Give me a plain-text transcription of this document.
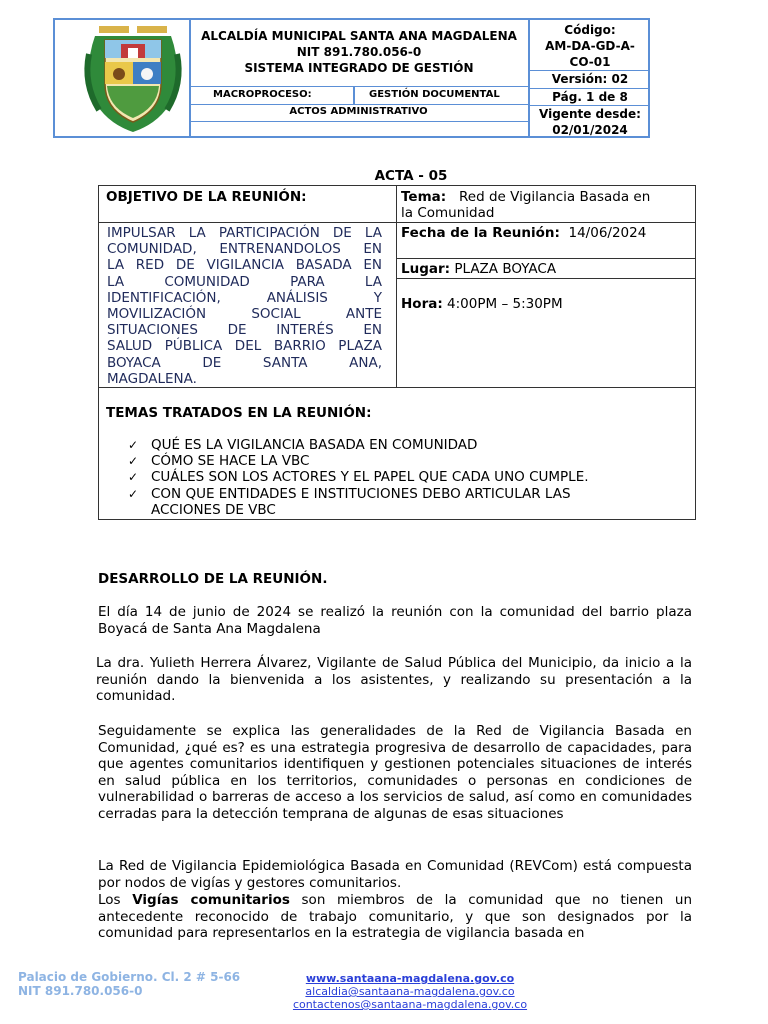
ALCALDÍA MUNICIPAL SANTA ANA MAGDALENA
NIT 891.780.056-0
SISTEMA INTEGRADO DE GESTIÓN
MACROPROCESO:	GESTIÓN DOCUMENTAL
ACTOS ADMINISTRATIVO
Código:
AM-DA-GD-A-
CO-01
Versión: 02
Pág. 1 de 8
Vigente desde:
02/01/2024
ACTA - 05
OBJETIVO DE LA REUNIÓN:	Tema: Red de Vigilancia Basada en
la Comunidad
IMPULSAR LA PARTICIPACIÓN DE LA
COMUNIDAD, ENTRENANDOLOS EN
LA RED DE VIGILANCIA BASADA EN
LA COMUNIDAD PARA LA
IDENTIFICACIÓN, ANÁLISIS Y
MOVILIZACIÓN SOCIAL ANTE
SITUACIONES DE INTERÉS EN
SALUD PÚBLICA DEL BARRIO PLAZA
BOYACA DE SANTA ANA,
MAGDALENA.
Fecha de la Reunión: 14/06/2024
Lugar: PLAZA BOYACA
Hora: 4:00PM – 5:30PM
TEMAS TRATADOS EN LA REUNIÓN:
✓ QUÉ ES LA VIGILANCIA BASADA EN COMUNIDAD
✓ CÓMO SE HACE LA VBC
✓ CUÁLES SON LOS ACTORES Y EL PAPEL QUE CADA UNO CUMPLE.
✓ CON QUE ENTIDADES E INSTITUCIONES DEBO ARTICULAR LAS
ACCIONES DE VBC
DESARROLLO DE LA REUNIÓN.
El día 14 de junio de 2024 se realizó la reunión con la comunidad del barrio plaza Boyacá de Santa Ana Magdalena
La dra. Yulieth Herrera Álvarez, Vigilante de Salud Pública del Municipio, da inicio a la reunión dando la bienvenida a los asistentes, y realizando su presentación a la comunidad.
Seguidamente se explica las generalidades de la Red de Vigilancia Basada en Comunidad, ¿qué es? es una estrategia progresiva de desarrollo de capacidades, para que agentes comunitarios identifiquen y gestionen potenciales situaciones de interés en salud pública en los territorios, comunidades o personas en condiciones de vulnerabilidad o barreras de acceso a los servicios de salud, así como en comunidades cerradas para la detección temprana de algunas de esas situaciones
La Red de Vigilancia Epidemiológica Basada en Comunidad (REVCom) está compuesta por nodos de vigías y gestores comunitarios.
Los Vigías comunitarios son miembros de la comunidad que no tienen un antecedente reconocido de trabajo comunitario, y que son designados por la comunidad para representarlos en la estrategia de vigilancia basada en
Palacio de Gobierno. Cl. 2 # 5-66
NIT 891.780.056-0
www.santaana-magdalena.gov.co
alcaldia@santaana-magdalena.gov.co
contactenos@santaana-magdalena.gov.co
